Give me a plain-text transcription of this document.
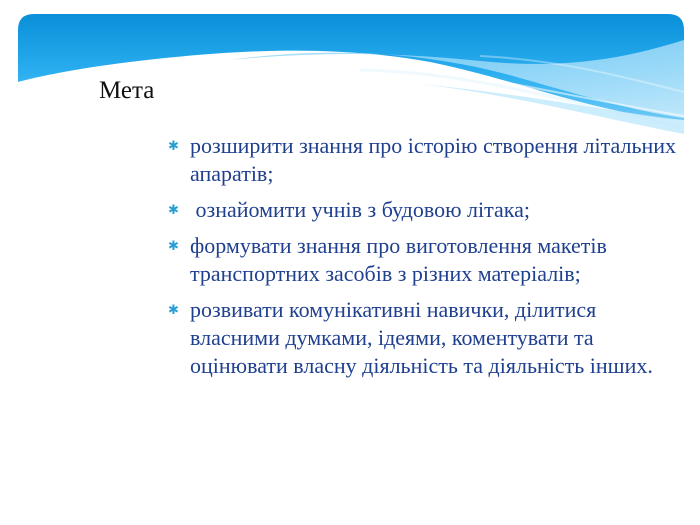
Мета
✱ розширити знання про історію створення літальних апаратів;
✱ ознайомити учнів з будовою літака;
✱ формувати знання про виготовлення макетів транспортних засобів з різних матеріалів;
✱ розвивати комунікативні навички, ділитися власними думками, ідеями, коментувати та оцінювати власну діяльність та діяльність інших.
